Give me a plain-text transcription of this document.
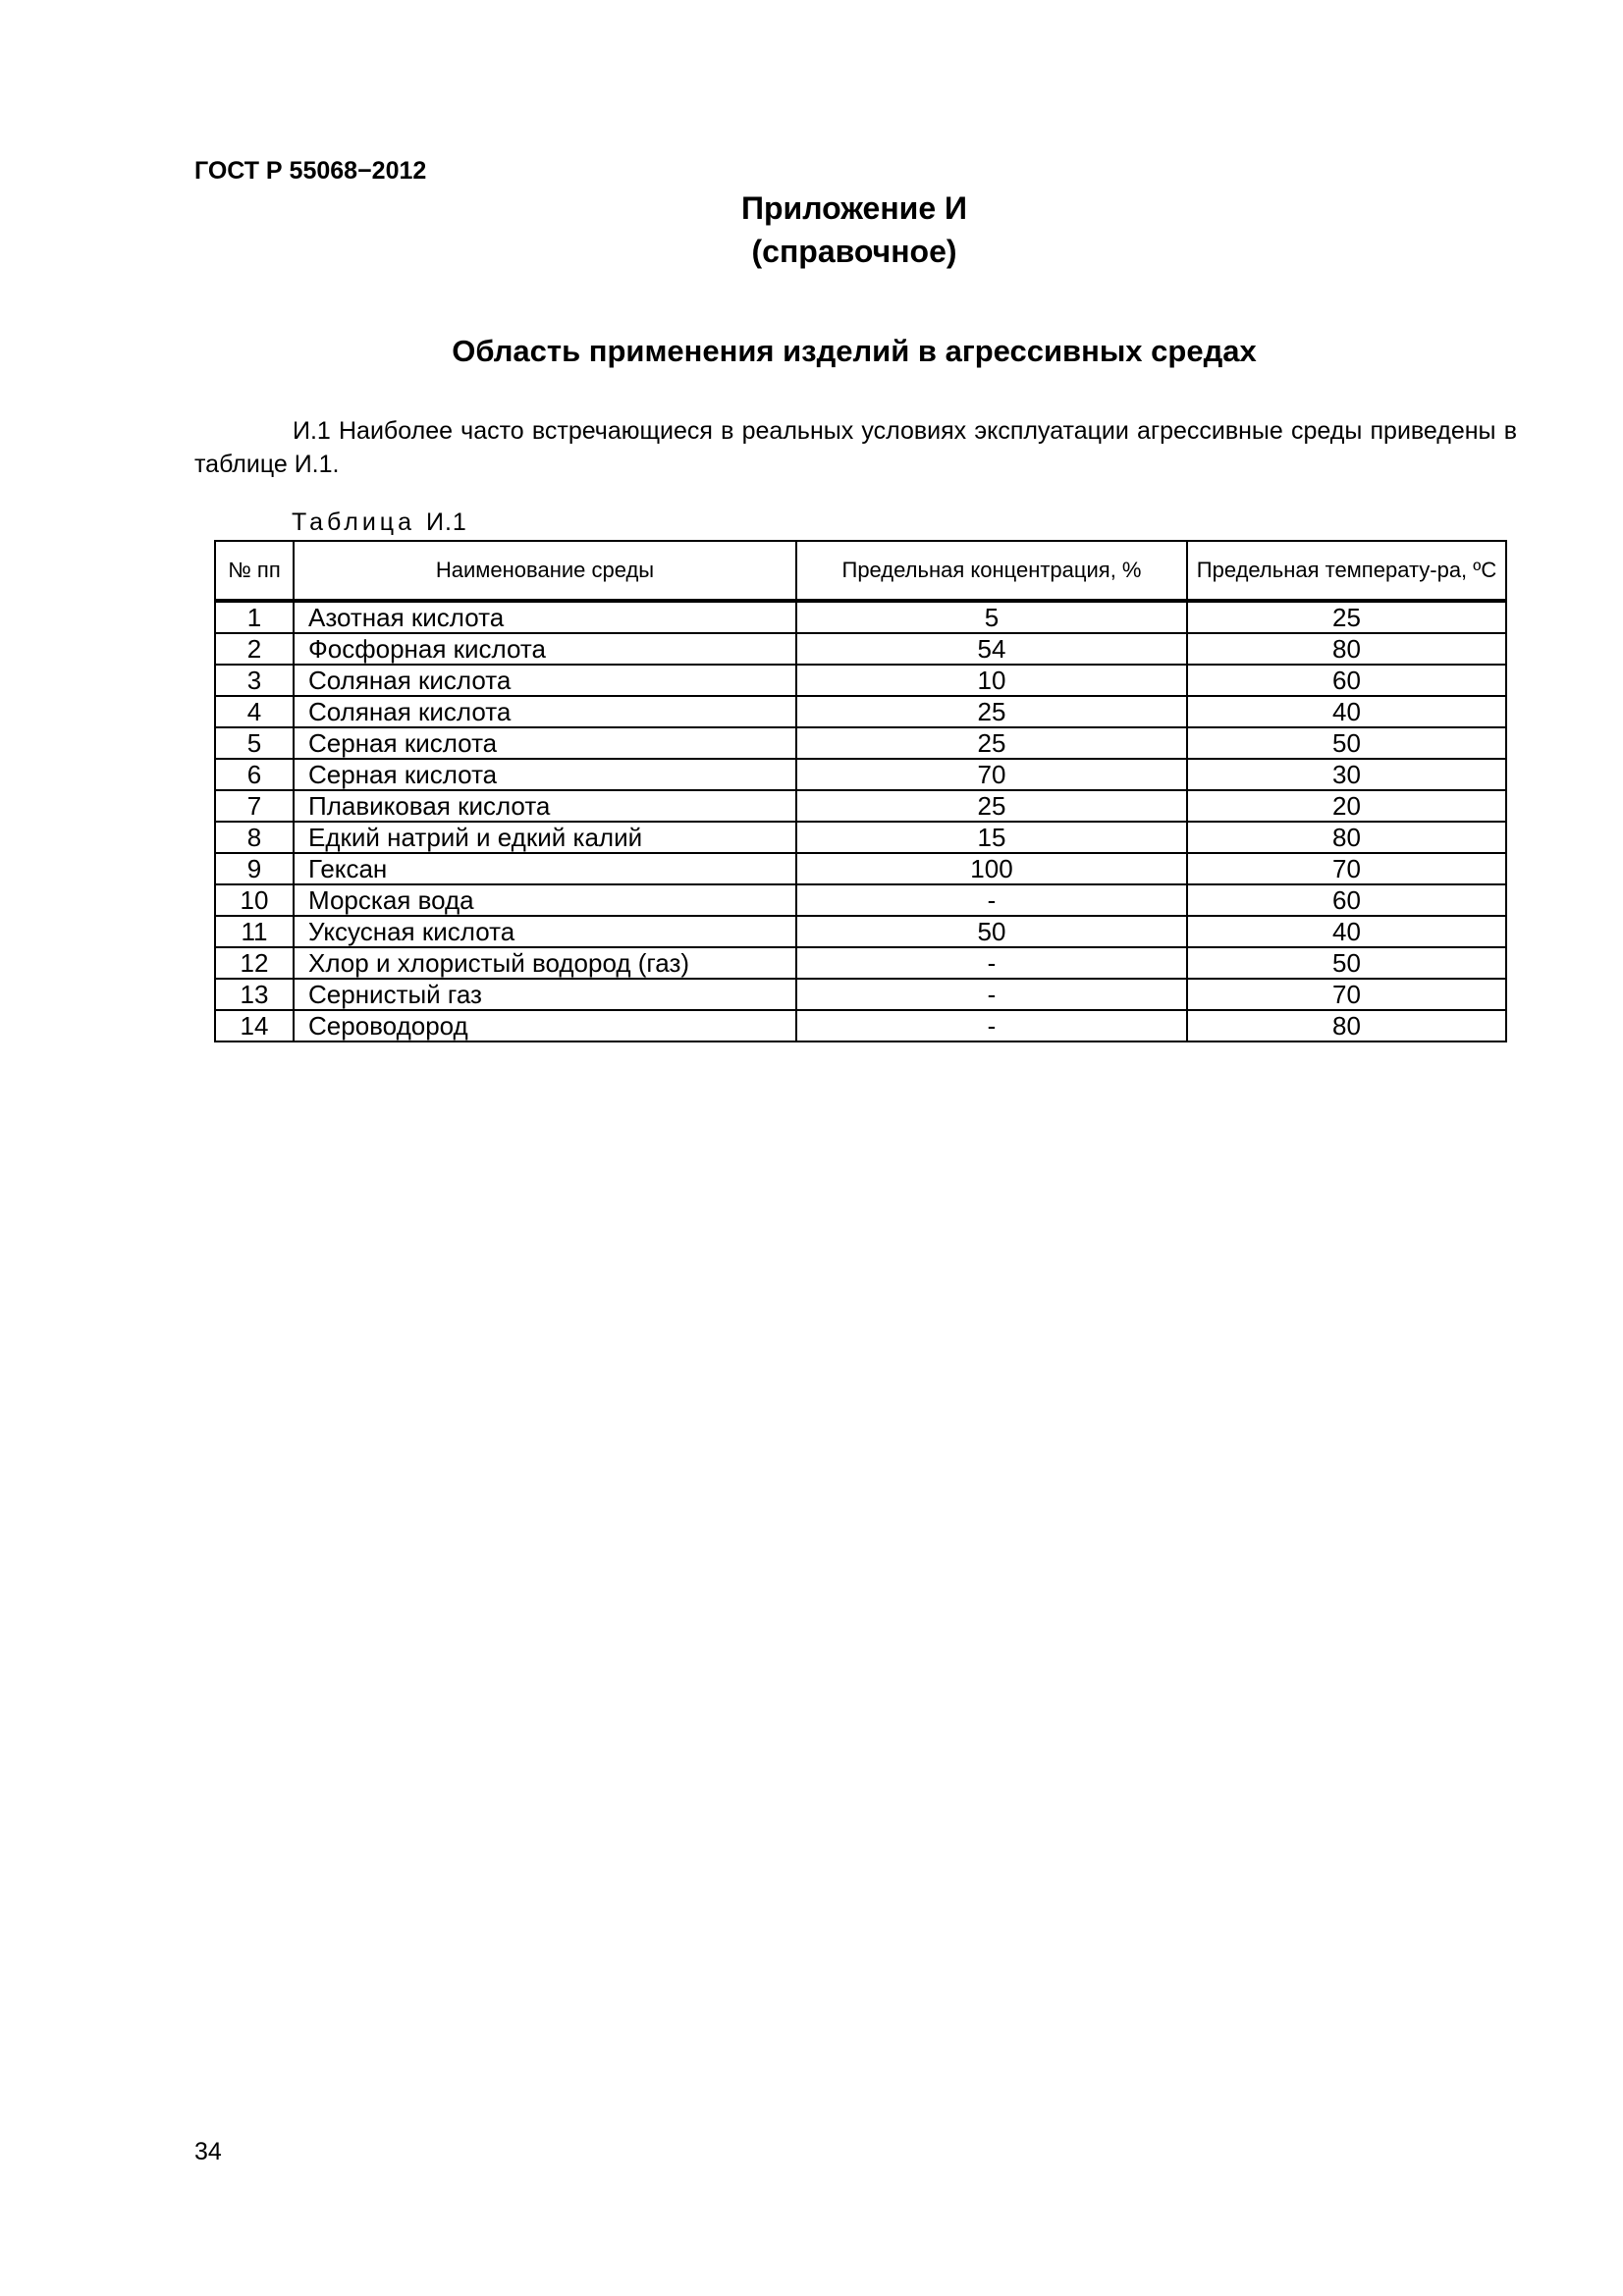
ГОСТ Р 55068−2012
Приложение И
(справочное)
Область применения изделий в агрессивных средах
И.1 Наиболее часто встречающиеся в реальных условиях эксплуатации агрессивные среды приведены в таблице И.1.
Таблица И.1
№ пп	Наименование среды	Предельная концентрация, %	Предельная температу-ра, ºС
1	Азотная кислота	5	25
2	Фосфорная кислота	54	80
3	Соляная кислота	10	60
4	Соляная кислота	25	40
5	Серная кислота	25	50
6	Серная кислота	70	30
7	Плавиковая кислота	25	20
8	Едкий натрий и едкий калий	15	80
9	Гексан	100	70
10	Морская вода	-	60
11	Уксусная кислота	50	40
12	Хлор и хлористый водород (газ)	-	50
13	Сернистый газ	-	70
14	Сероводород	-	80
34
